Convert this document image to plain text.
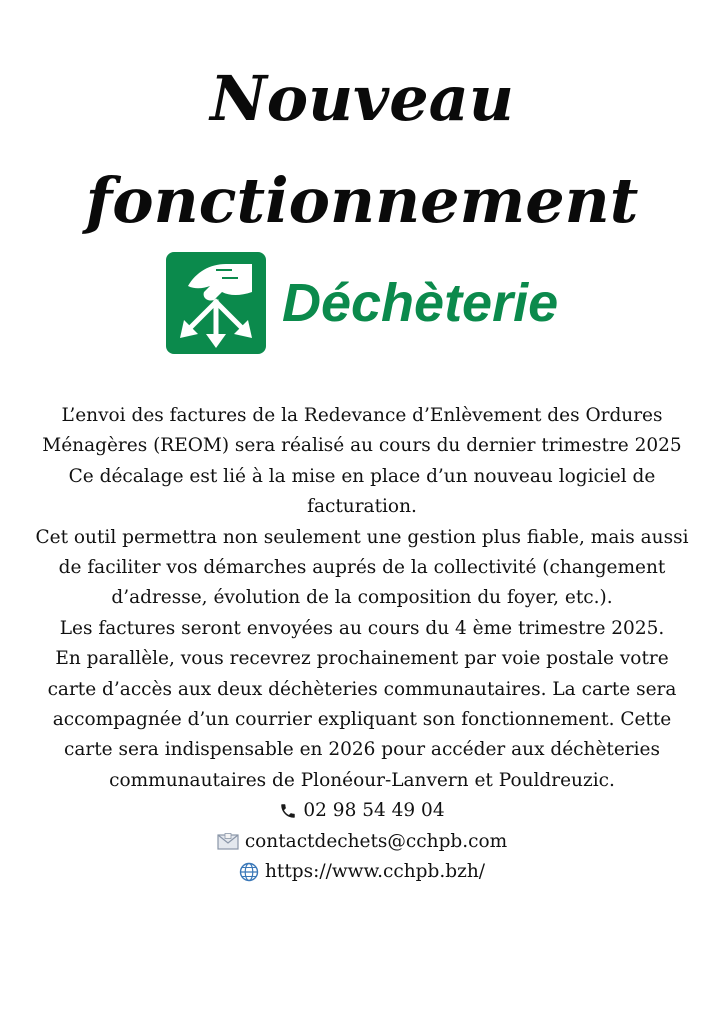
Nouveau
fonctionnement
Déchèterie

L’envoi des factures de la Redevance d’Enlèvement des Ordures Ménagères (REOM) sera réalisé au cours du dernier trimestre 2025

Ce décalage est lié à la mise en place d’un nouveau logiciel de facturation.

Cet outil permettra non seulement une gestion plus fiable, mais aussi de faciliter vos démarches auprés de la collectivité (changement d’adresse, évolution de la composition du foyer, etc.).

Les factures seront envoyées au cours du 4 ème trimestre 2025.

En parallèle, vous recevrez prochainement par voie postale votre carte d’accès aux deux déchèteries communautaires. La carte sera accompagnée d’un courrier expliquant son fonctionnement. Cette carte sera indispensable en 2026 pour accéder aux déchèteries communautaires de Plonéour-Lanvern et Pouldreuzic.

02 98 54 49 04
contactdechets@cchpb.com
https://www.cchpb.bzh/
